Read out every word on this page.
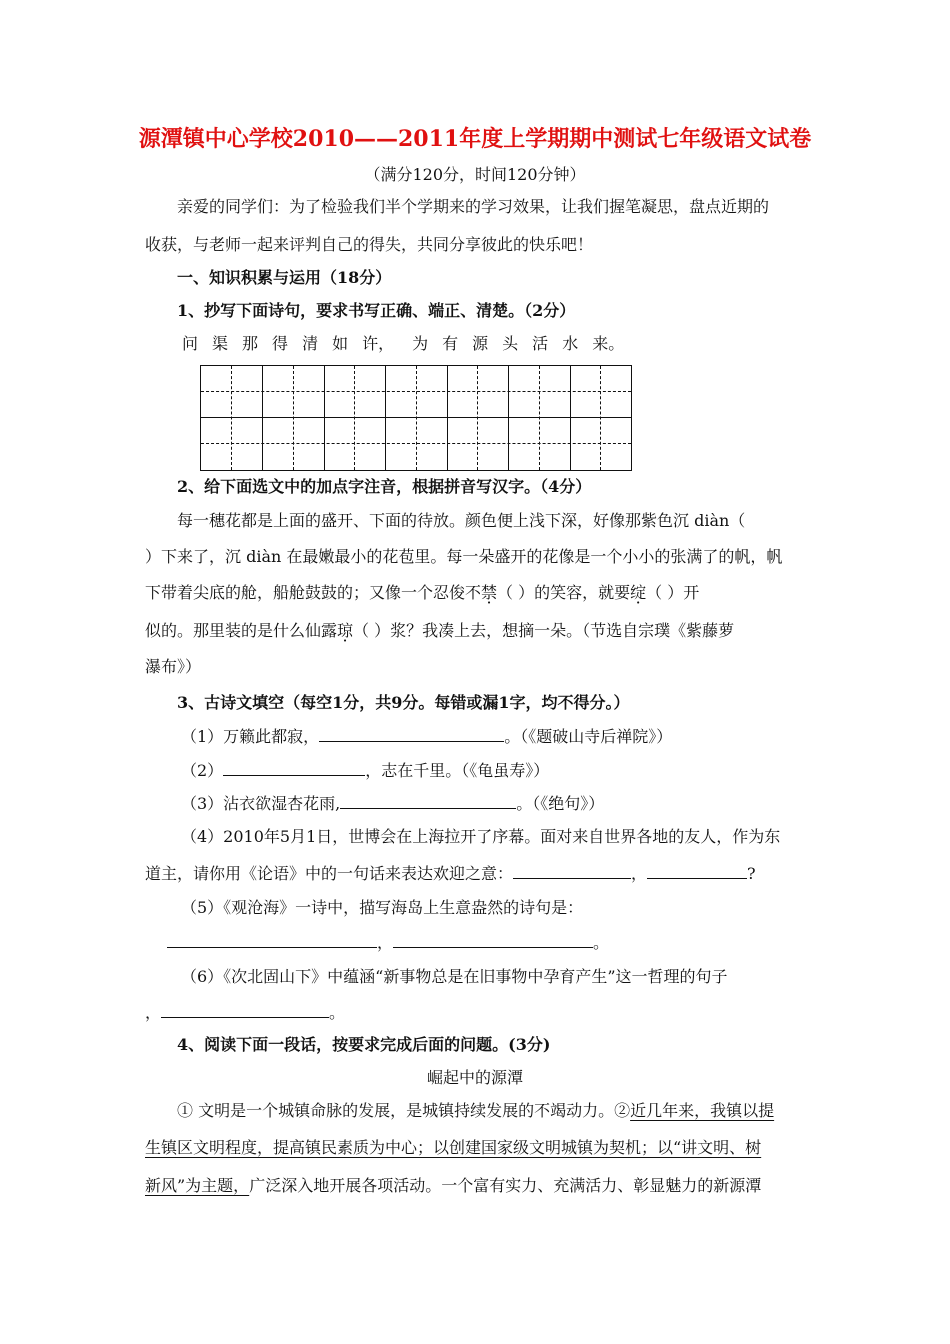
源潭镇中心学校2010——2011年度上学期期中测试七年级语文试卷
（满分120分，时间120分钟）
亲爱的同学们：为了检验我们半个学期来的学习效果，让我们握笔凝思，盘点近期的
收获，与老师一起来评判自己的得失，共同分享彼此的快乐吧！
一、知识积累与运用（18分）
1、抄写下面诗句，要求书写正确、端正、清楚。（2分）
问 渠 那 得 清 如 许， 为 有 源 头 活 水 来。
2、给下面选文中的加点字注音，根据拼音写汉字。（4分）
每一穗花都是上面的盛开、下面的待放。颜色便上浅下深，好像那紫色沉 diàn（
）下来了，沉 diàn 在最嫩最小的花苞里。每一朵盛开的花像是一个小小的张满了的帆，帆
下带着尖底的舱，船舱鼓鼓的；又像一个忍俊不禁（ ）的笑容，就要绽（ ）开
似的。那里装的是什么仙露琼（ ）浆？我凑上去，想摘一朵。（节选自宗璞《紫藤萝
瀑布》）
3、古诗文填空（每空1分，共9分。每错或漏1字，均不得分。）
（1）万籁此都寂，	。（《题破山寺后禅院》）
（2）	，志在千里。（《龟虽寿》）
（3）沾衣欲湿杏花雨,	。（《绝句》）
（4）2010年5月1日，世博会在上海拉开了序幕。面对来自世界各地的友人，作为东
道主，请你用《论语》中的一句话来表达欢迎之意：	，	?
（5）《观沧海》一诗中，描写海岛上生意盎然的诗句是：
，	。
（6）《次北固山下》中蕴涵“新事物总是在旧事物中孕育产生”这一哲理的句子
，	。
4、阅读下面一段话，按要求完成后面的问题。(3分)
崛起中的源潭
① 文明是一个城镇命脉的发展，是城镇持续发展的不竭动力。②近几年来，我镇以提
生镇区文明程度，提高镇民素质为中心；以创建国家级文明城镇为契机；以“讲文明、树
新风”为主题，广泛深入地开展各项活动。一个富有实力、充满活力、彰显魅力的新源潭
